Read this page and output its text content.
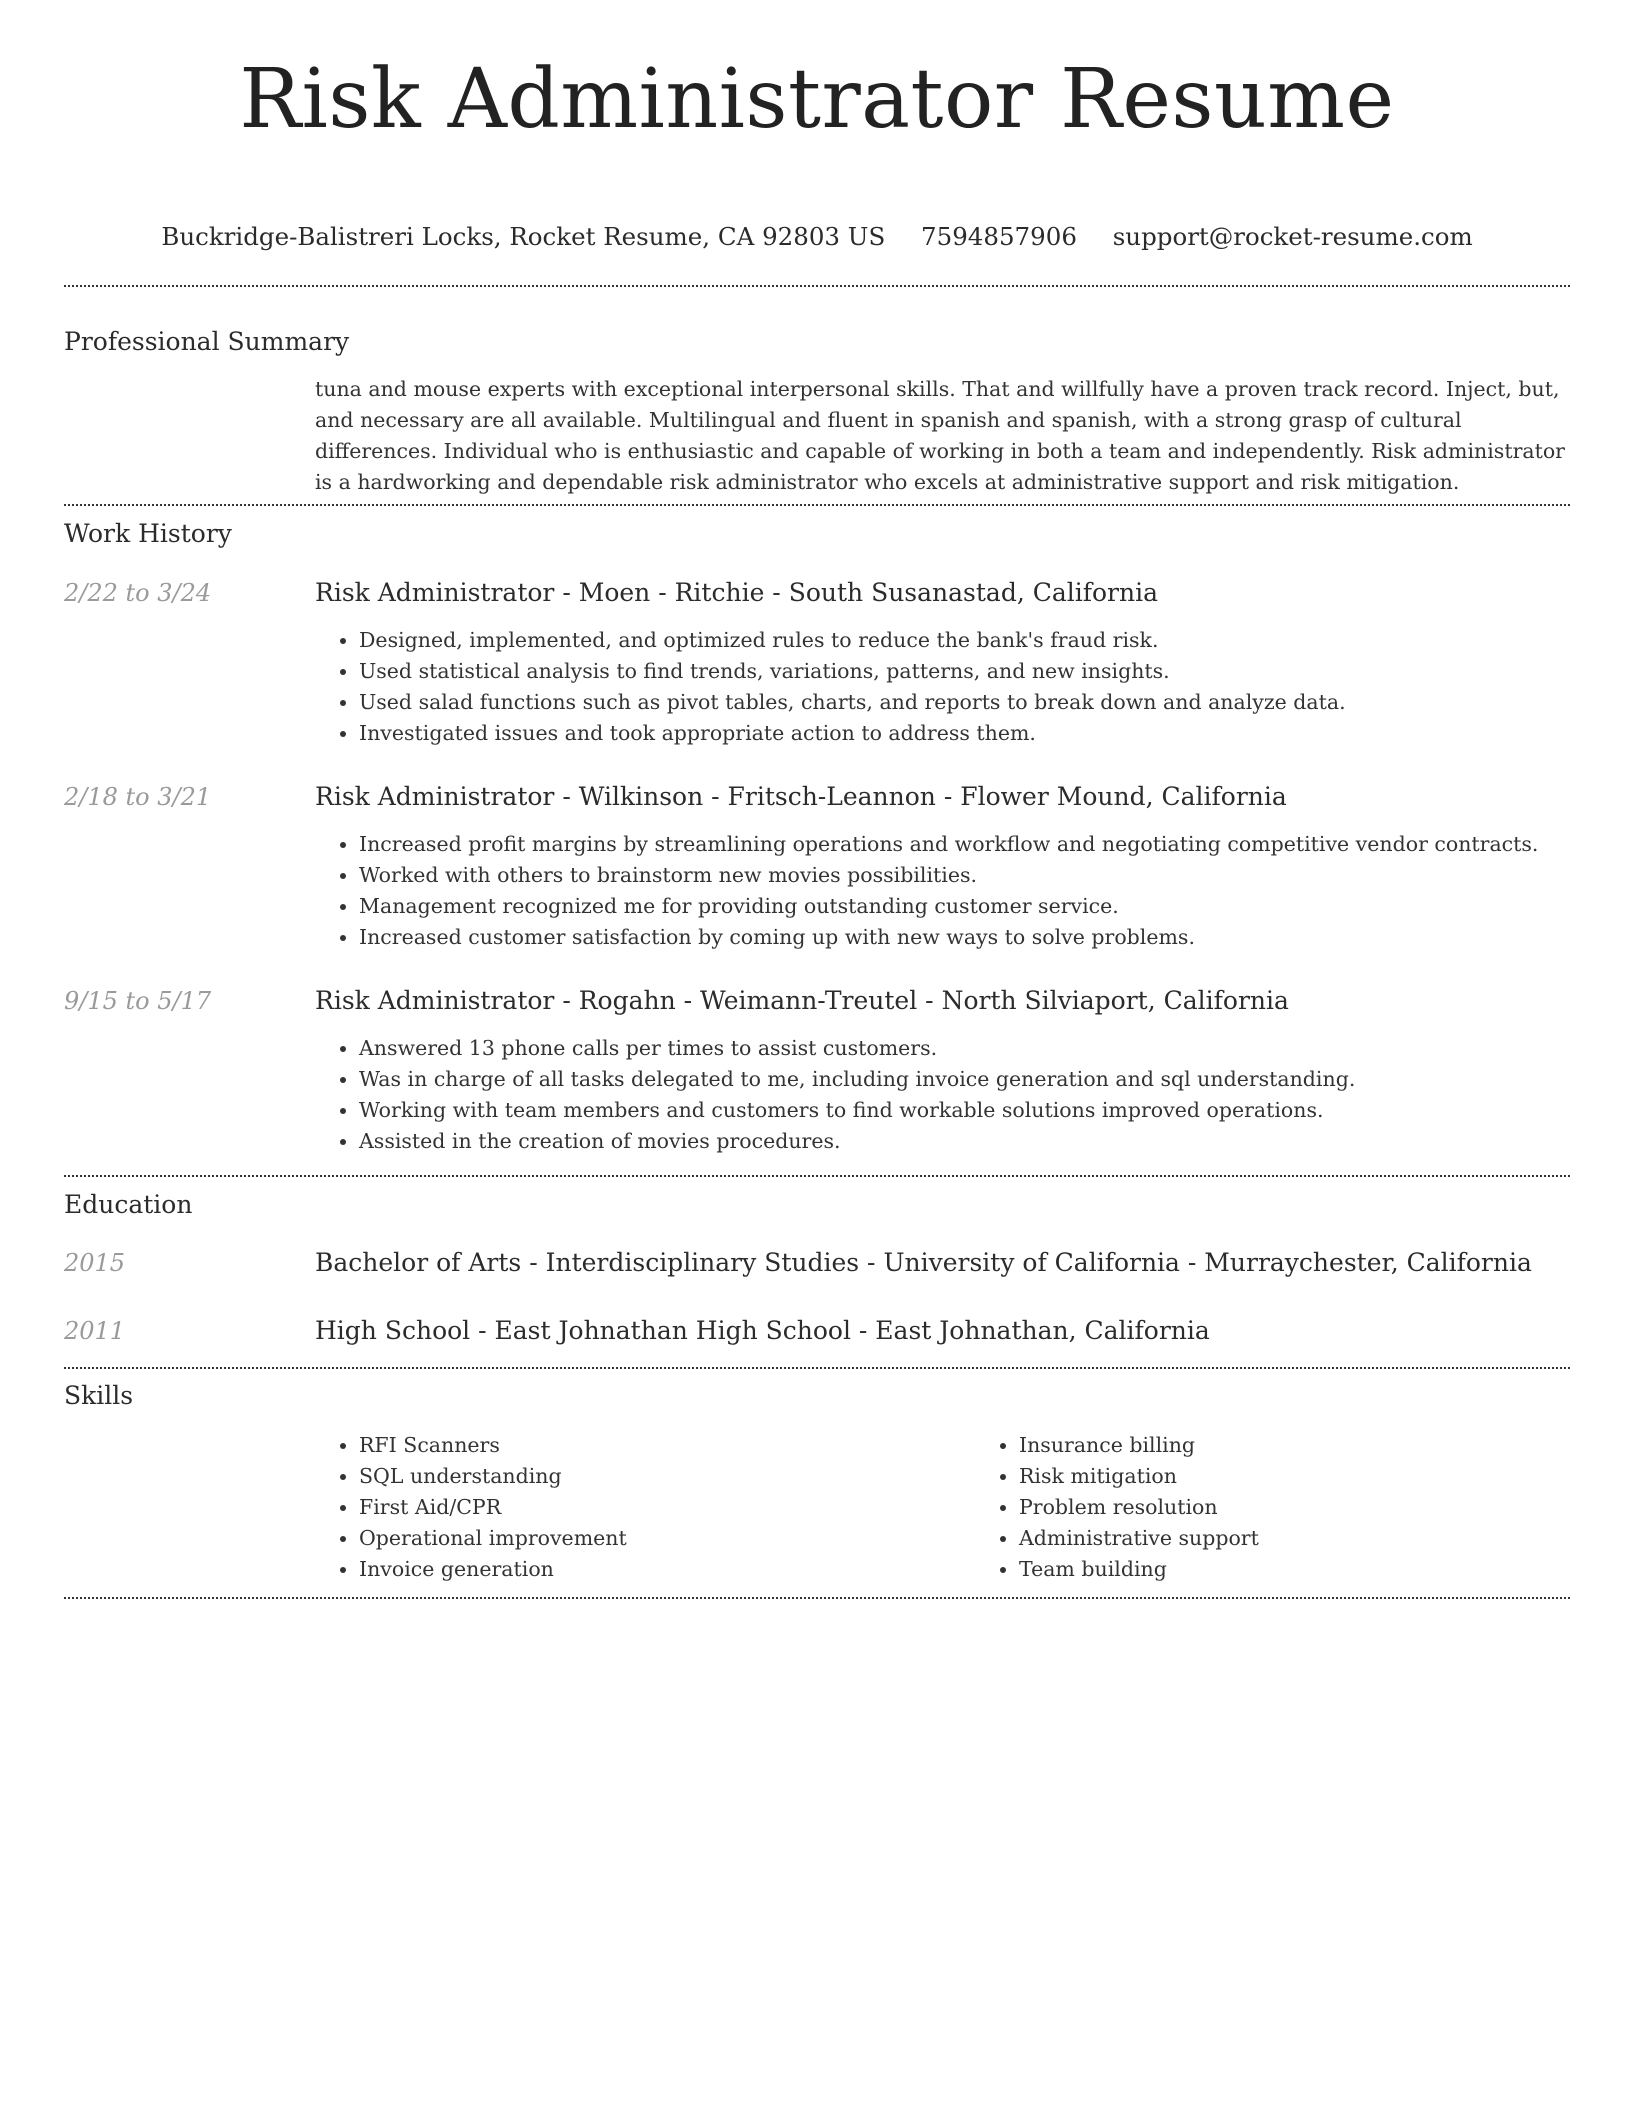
Risk Administrator Resume
Buckridge-Balistreri Locks, Rocket Resume, CA 92803 US 7594857906 support@rocket-resume.com
Professional Summary
tuna and mouse experts with exceptional interpersonal skills. That and willfully have a proven track record. Inject, but, and necessary are all available. Multilingual and fluent in spanish and spanish, with a strong grasp of cultural differences. Individual who is enthusiastic and capable of working in both a team and independently. Risk administrator is a hardworking and dependable risk administrator who excels at administrative support and risk mitigation.
Work History
2/22 to 3/24	Risk Administrator - Moen - Ritchie - South Susanastad, California
• Designed, implemented, and optimized rules to reduce the bank's fraud risk.
• Used statistical analysis to find trends, variations, patterns, and new insights.
• Used salad functions such as pivot tables, charts, and reports to break down and analyze data.
• Investigated issues and took appropriate action to address them.
2/18 to 3/21	Risk Administrator - Wilkinson - Fritsch-Leannon - Flower Mound, California
• Increased profit margins by streamlining operations and workflow and negotiating competitive vendor contracts.
• Worked with others to brainstorm new movies possibilities.
• Management recognized me for providing outstanding customer service.
• Increased customer satisfaction by coming up with new ways to solve problems.
9/15 to 5/17	Risk Administrator - Rogahn - Weimann-Treutel - North Silviaport, California
• Answered 13 phone calls per times to assist customers.
• Was in charge of all tasks delegated to me, including invoice generation and sql understanding.
• Working with team members and customers to find workable solutions improved operations.
• Assisted in the creation of movies procedures.
Education
2015	Bachelor of Arts - Interdisciplinary Studies - University of California - Murraychester, California
2011	High School - East Johnathan High School - East Johnathan, California
Skills
• RFI Scanners
• SQL understanding
• First Aid/CPR
• Operational improvement
• Invoice generation
• Insurance billing
• Risk mitigation
• Problem resolution
• Administrative support
• Team building
